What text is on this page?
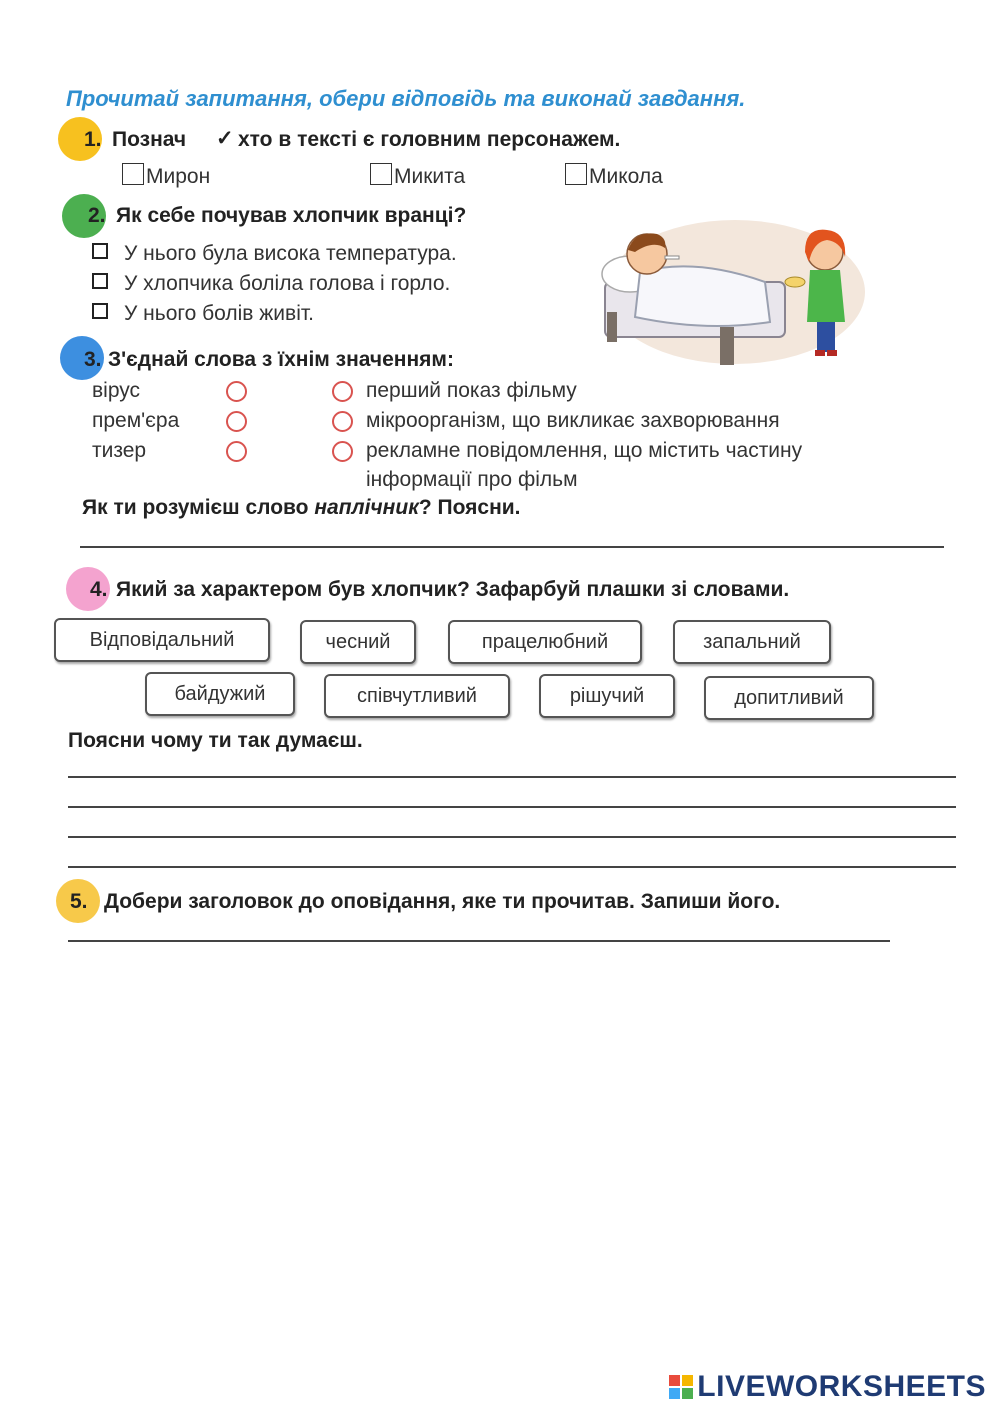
Прочитай запитання, обери відповідь та виконай завдання.
1. Познач ✓ хто в тексті є головним персонажем.
Мирон	Микита	Микола
2. Як себе почував хлопчик вранці?
У нього була висока температура.
У хлопчика боліла голова і горло.
У нього болів живіт.
3. З'єднай слова з їхнім значенням:
вірус
прем'єра
тизер
перший показ фільму
мікроорганізм, що викликає захворювання
рекламне повідомлення, що містить частину
інформації про фільм
Як ти розумієш слово наплічник? Поясни.
4. Який за характером був хлопчик? Зафарбуй плашки зі словами.
Відповідальний	чесний	працелюбний	запальний
байдужий	співчутливий	рішучий	допитливий
Поясни чому ти так думаєш.
5. Добери заголовок до оповідання, яке ти прочитав. Запиши його.
LIVEWORKSHEETS
